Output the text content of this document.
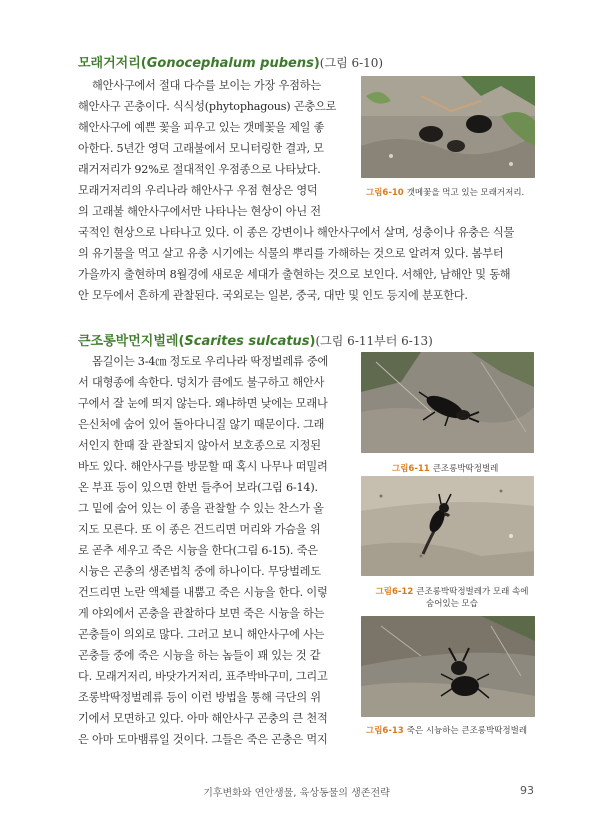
모래거저리(Gonocephalum pubens)(그림 6-10)
해안사구에서 절대 다수를 보이는 가장 우점하는
해안사구 곤충이다. 식식성(phytophagous) 곤충으로
해안사구에 예쁜 꽃을 피우고 있는 갯메꽃을 제일 좋
아한다. 5년간 영덕 고래불에서 모니터링한 결과, 모
래거저리가 92%로 절대적인 우점종으로 나타났다.
모래거저리의 우리나라 해안사구 우점 현상은 영덕
의 고래불 해안사구에서만 나타나는 현상이 아닌 전
국적인 현상으로 나타나고 있다. 이 종은 강변이나 해안사구에서 살며, 성충이나 유충은 식물
의 유기물을 먹고 살고 유충 시기에는 식물의 뿌리를 가해하는 것으로 알려져 있다. 봄부터
가을까지 출현하며 8월경에 새로운 세대가 출현하는 것으로 보인다. 서해안, 남해안 및 동해
안 모두에서 흔하게 관찰된다. 국외로는 일본, 중국, 대만 및 인도 등지에 분포한다.
그림6-10 갯메꽃을 먹고 있는 모래거저리.
큰조롱박먼지벌레(Scarites sulcatus)(그림 6-11부터 6-13)
몸길이는 3-4㎝ 정도로 우리나라 딱정벌레류 중에
서 대형종에 속한다. 덩치가 큼에도 불구하고 해안사
구에서 잘 눈에 띄지 않는다. 왜냐하면 낮에는 모래나
은신처에 숨어 있어 돌아다니질 않기 때문이다. 그래
서인지 한때 잘 관찰되지 않아서 보호종으로 지정된
바도 있다. 해안사구를 방문할 때 혹시 나무나 떠밀려
온 부표 등이 있으면 한번 들추어 보라(그림 6-14).
그 밑에 숨어 있는 이 종을 관찰할 수 있는 찬스가 올
지도 모른다. 또 이 종은 건드리면 머리와 가슴을 위
로 곧추 세우고 죽은 시늉을 한다(그림 6-15). 죽은
시늉은 곤충의 생존법칙 중에 하나이다. 무당벌레도
건드리면 노란 액체를 내뿜고 죽은 시늉을 한다. 이렇
게 야외에서 곤충을 관찰하다 보면 죽은 시늉을 하는
곤충들이 의외로 많다. 그러고 보니 해안사구에 사는
곤충들 중에 죽은 시늉을 하는 놈들이 꽤 있는 것 같
다. 모래거저리, 바닷가거저리, 표주박바구미, 그리고
조롱박딱정벌레류 등이 이런 방법을 통해 극단의 위
기에서 모면하고 있다. 아마 해안사구 곤충의 큰 천적
은 아마 도마뱀류일 것이다. 그들은 죽은 곤충은 먹지
그림6-11 큰조롱박딱정벌레
그림6-12 큰조롱박딱정벌레가 모래 속에
숨어있는 모습
그림6-13 죽은 시늉하는 큰조롱박딱정벌레
기후변화와 연안생물, 육상동물의 생존전략	93
